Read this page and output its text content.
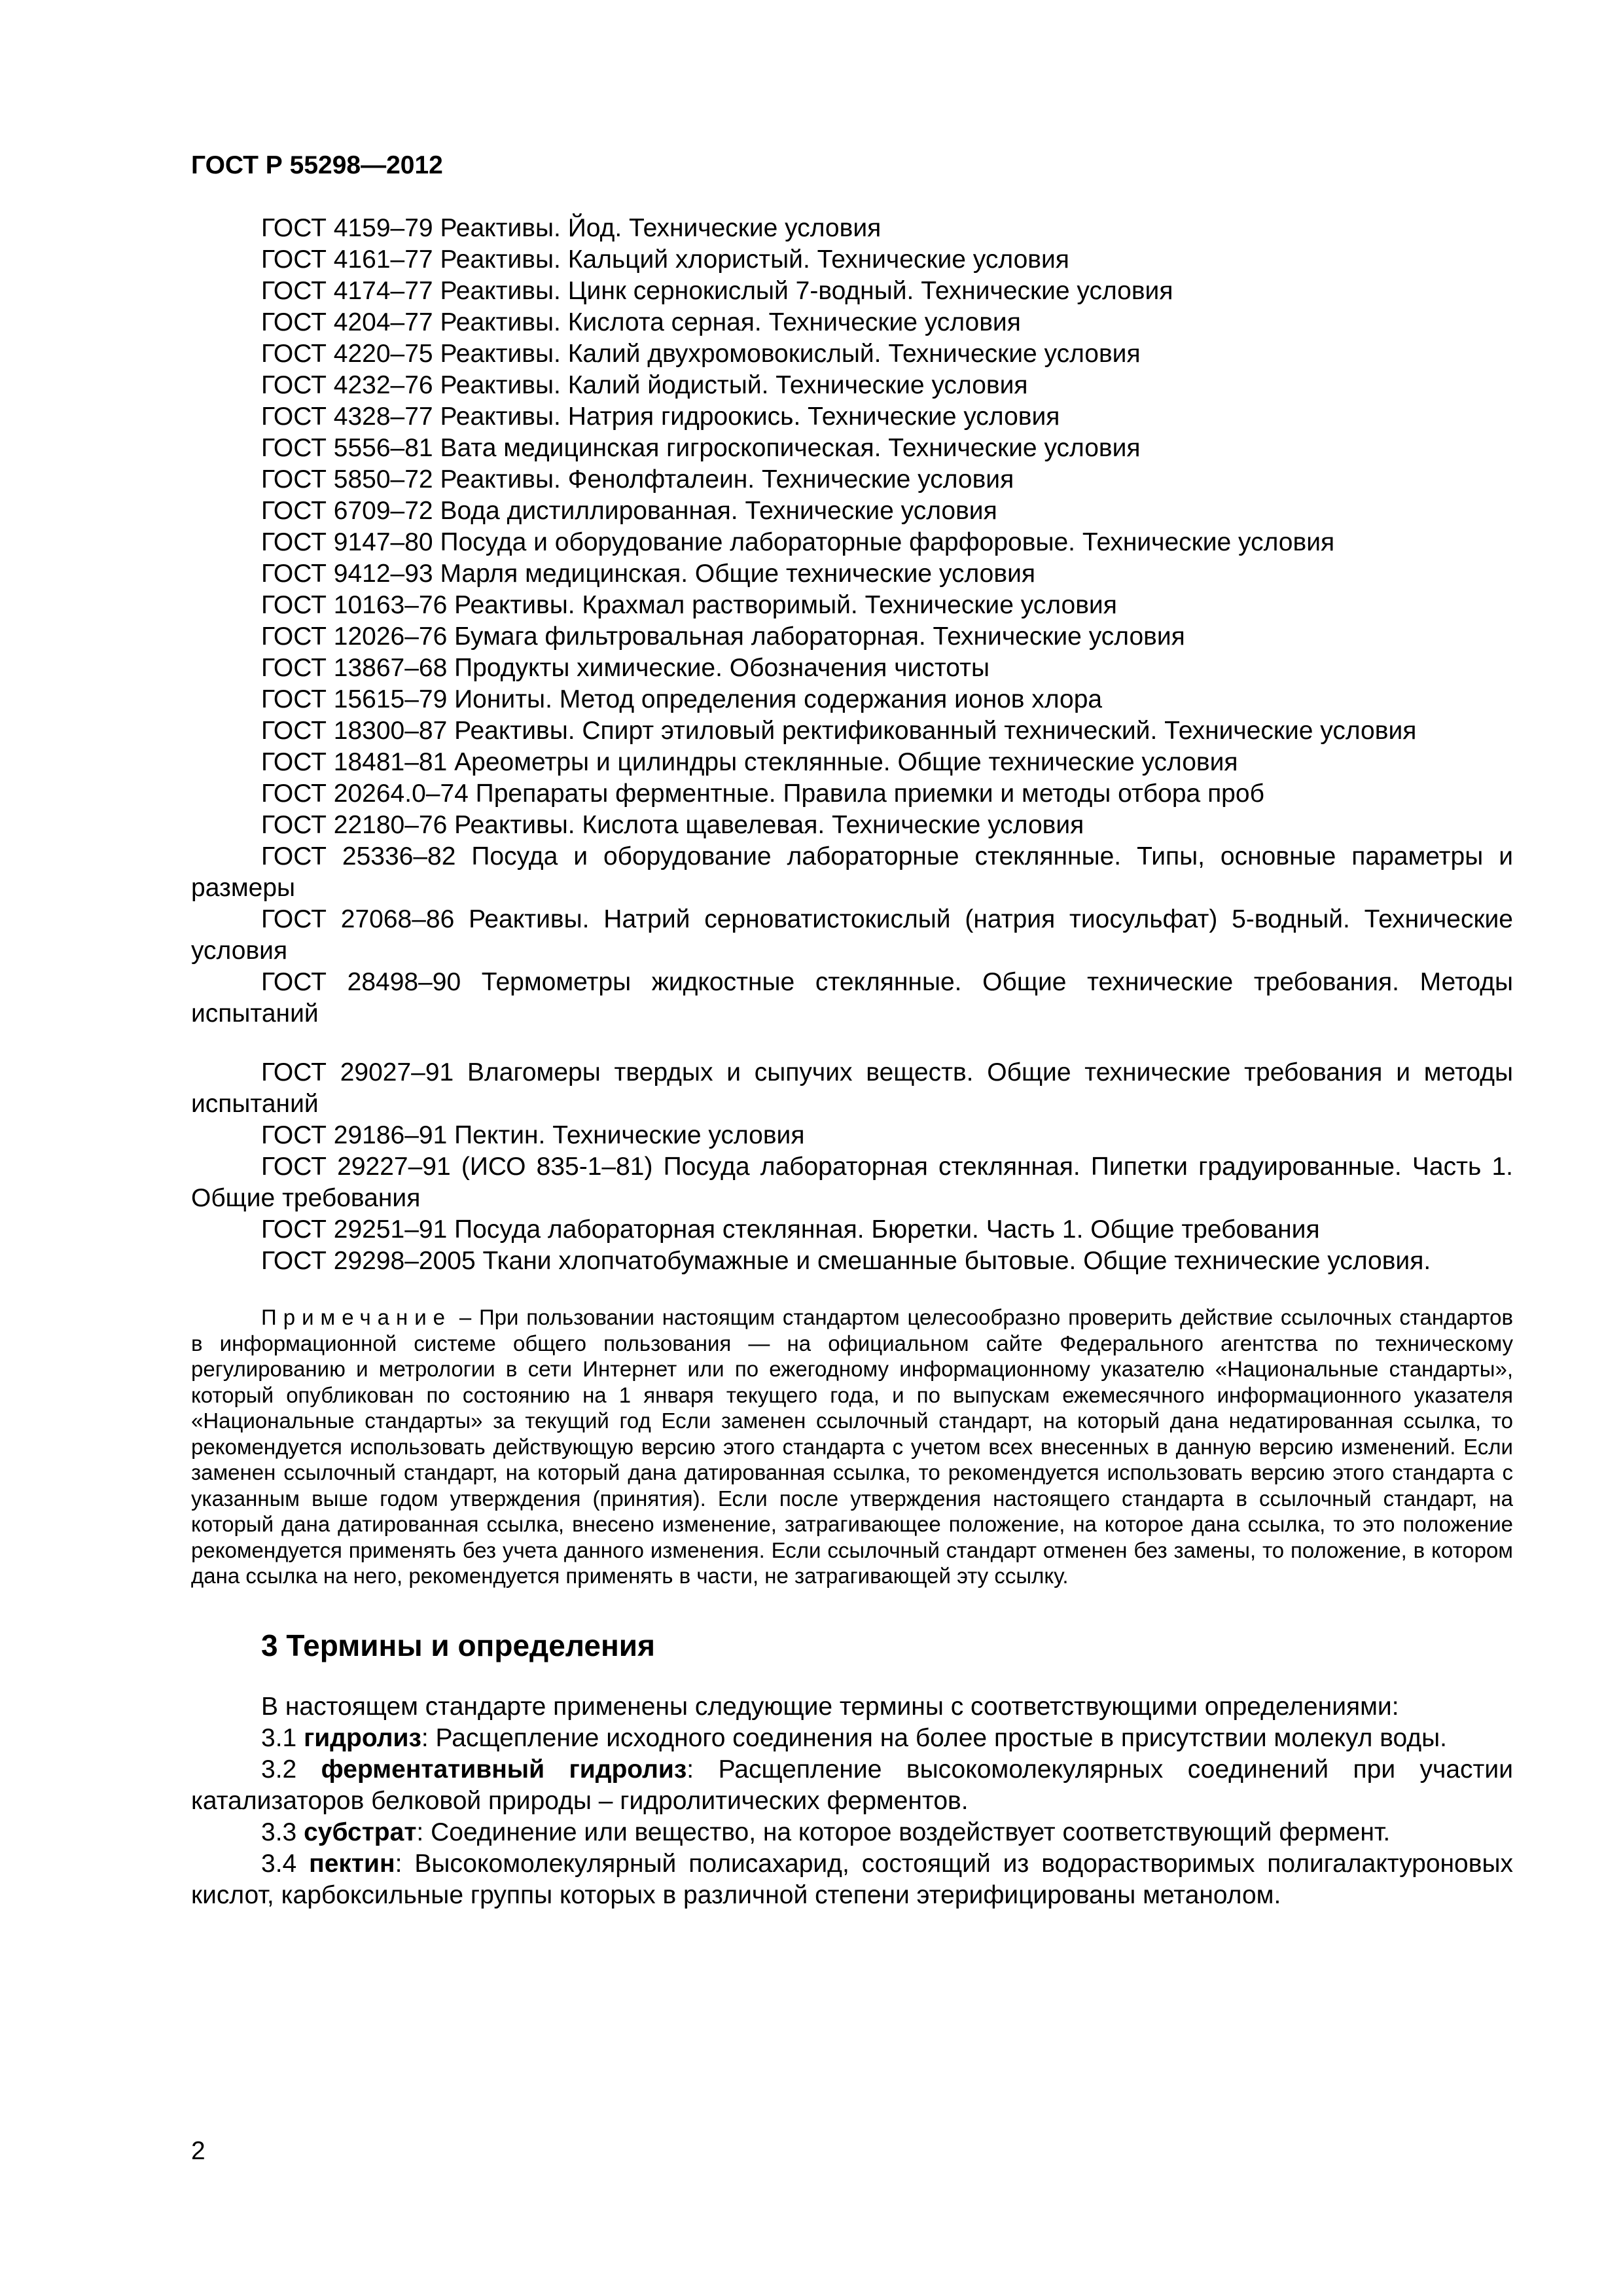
ГОСТ Р 55298—2012

ГОСТ 4159–79 Реактивы. Йод. Технические условия

ГОСТ 4161–77 Реактивы. Кальций хлористый. Технические условия

ГОСТ 4174–77 Реактивы. Цинк сернокислый 7-водный. Технические условия

ГОСТ 4204–77 Реактивы. Кислота серная. Технические условия

ГОСТ 4220–75 Реактивы. Калий двухромовокислый. Технические условия

ГОСТ 4232–76 Реактивы. Калий йодистый. Технические условия

ГОСТ 4328–77 Реактивы. Натрия гидроокись. Технические условия

ГОСТ 5556–81 Вата медицинская гигроскопическая. Технические условия

ГОСТ 5850–72 Реактивы. Фенолфталеин. Технические условия

ГОСТ 6709–72 Вода дистиллированная. Технические условия

ГОСТ 9147–80 Посуда и оборудование лабораторные фарфоровые. Технические условия

ГОСТ 9412–93 Марля медицинская. Общие технические условия

ГОСТ 10163–76 Реактивы. Крахмал растворимый. Технические условия

ГОСТ 12026–76 Бумага фильтровальная лабораторная. Технические условия

ГОСТ 13867–68 Продукты химические. Обозначения чистоты

ГОСТ 15615–79 Иониты. Метод определения содержания ионов хлора

ГОСТ 18300–87 Реактивы. Спирт этиловый ректификованный технический. Технические условия

ГОСТ 18481–81 Ареометры и цилиндры стеклянные. Общие технические условия

ГОСТ 20264.0–74 Препараты ферментные. Правила приемки и методы отбора проб

ГОСТ 22180–76 Реактивы. Кислота щавелевая. Технические условия

ГОСТ 25336–82 Посуда и оборудование лабораторные стеклянные. Типы, основные параметры и размеры

ГОСТ 27068–86 Реактивы. Натрий серноватистокислый (натрия тиосульфат) 5-водный. Технические условия

ГОСТ 28498–90 Термометры жидкостные стеклянные. Общие технические требования. Методы испытаний

ГОСТ 29027–91 Влагомеры твердых и сыпучих веществ. Общие технические требования и методы испытаний

ГОСТ 29186–91 Пектин. Технические условия

ГОСТ 29227–91 (ИСО 835-1–81) Посуда лабораторная стеклянная. Пипетки градуированные. Часть 1. Общие требования

ГОСТ 29251–91 Посуда лабораторная стеклянная. Бюретки. Часть 1. Общие требования

ГОСТ 29298–2005 Ткани хлопчатобумажные и смешанные бытовые. Общие технические условия.

Примечание – При пользовании настоящим стандартом целесообразно проверить действие ссылочных стандартов в информационной системе общего пользования — на официальном сайте Федерального агентства по техническому регулированию и метрологии в сети Интернет или по ежегодному информационному указателю «Национальные стандарты», который опубликован по состоянию на 1 января текущего года, и по выпускам ежемесячного информационного указателя «Национальные стандарты» за текущий год Если заменен ссылочный стандарт, на который дана недатированная ссылка, то рекомендуется использовать действующую версию этого стандарта с учетом всех внесенных в данную версию изменений. Если заменен ссылочный стандарт, на который дана датированная ссылка, то рекомендуется использовать версию этого стандарта с указанным выше годом утверждения (принятия). Если после утверждения настоящего стандарта в ссылочный стандарт, на который дана датированная ссылка, внесено изменение, затрагивающее положение, на которое дана ссылка, то это положение рекомендуется применять без учета данного изменения. Если ссылочный стандарт отменен без замены, то положение, в котором дана ссылка на него, рекомендуется применять в части, не затрагивающей эту ссылку.
3 Термины и определения

В настоящем стандарте применены следующие термины с соответствующими определениями:

3.1 гидролиз: Расщепление исходного соединения на более простые в присутствии молекул воды.

3.2 ферментативный гидролиз: Расщепление высокомолекулярных соединений при участии катализаторов белковой природы – гидролитических ферментов.

3.3 субстрат: Соединение или вещество, на которое воздействует соответствующий фермент.

3.4 пектин: Высокомолекулярный полисахарид, состоящий из водорастворимых полигалактуроновых кислот, карбоксильные группы которых в различной степени этерифицированы метанолом.

2
